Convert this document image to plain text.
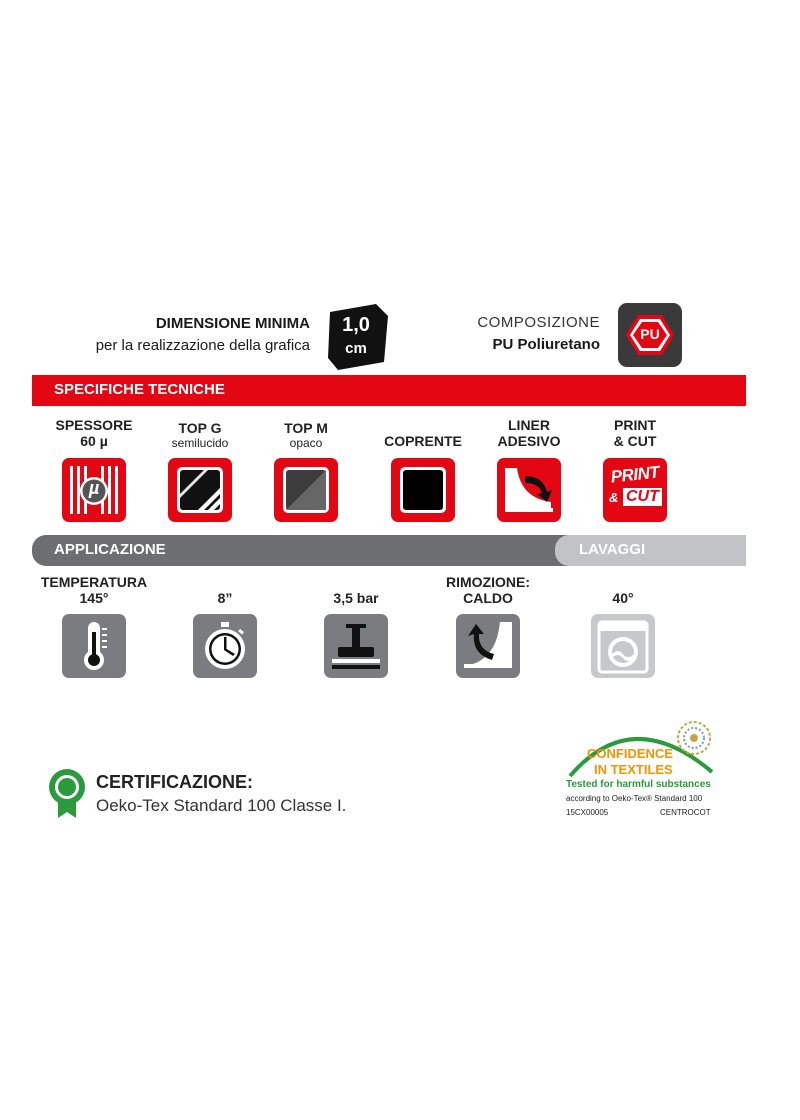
DIMENSIONE MINIMA
per la realizzazione della grafica
1,0
cm
COMPOSIZIONE
PU Poliuretano
PU
SPECIFICHE TECNICHE
SPESSORE
60 µ
µ
TOP G
semilucido
TOP M
opaco	COPRENTE
LINER
ADESIVO
PRINT
& CUT
PRINT
& CUT
APPLICAZIONE	LAVAGGI
TEMPERATURA
145°	8”	3,5 bar
RIMOZIONE:
CALDO	40°
CERTIFICAZIONE:
Oeko-Tex Standard 100 Classe I.
CONFIDENCE
IN TEXTILES
Tested for harmful substances
according to Oeko-Tex® Standard 100
15CX00005	CENTROCOT
